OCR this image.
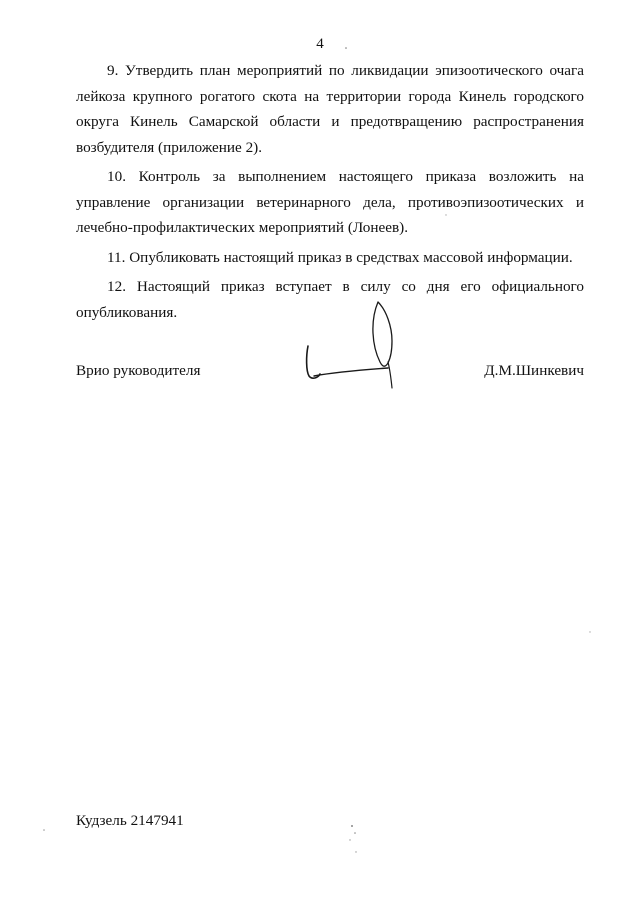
4

9. Утвердить план мероприятий по ликвидации эпизоотического очага лейкоза крупного рогатого скота на территории города Кинель городского округа Кинель Самарской области и предотвращению распространения возбудителя (приложение 2).

10. Контроль за выполнением настоящего приказа возложить на управление организации ветеринарного дела, противоэпизоотических и лечебно-профилактических мероприятий (Лонеев).

11. Опубликовать настоящий приказ в средствах массовой информации.

12. Настоящий приказ вступает в силу со дня его официального опубликования.

Врио руководителя	Д.М.Шинкевич
Кудзель 2147941
